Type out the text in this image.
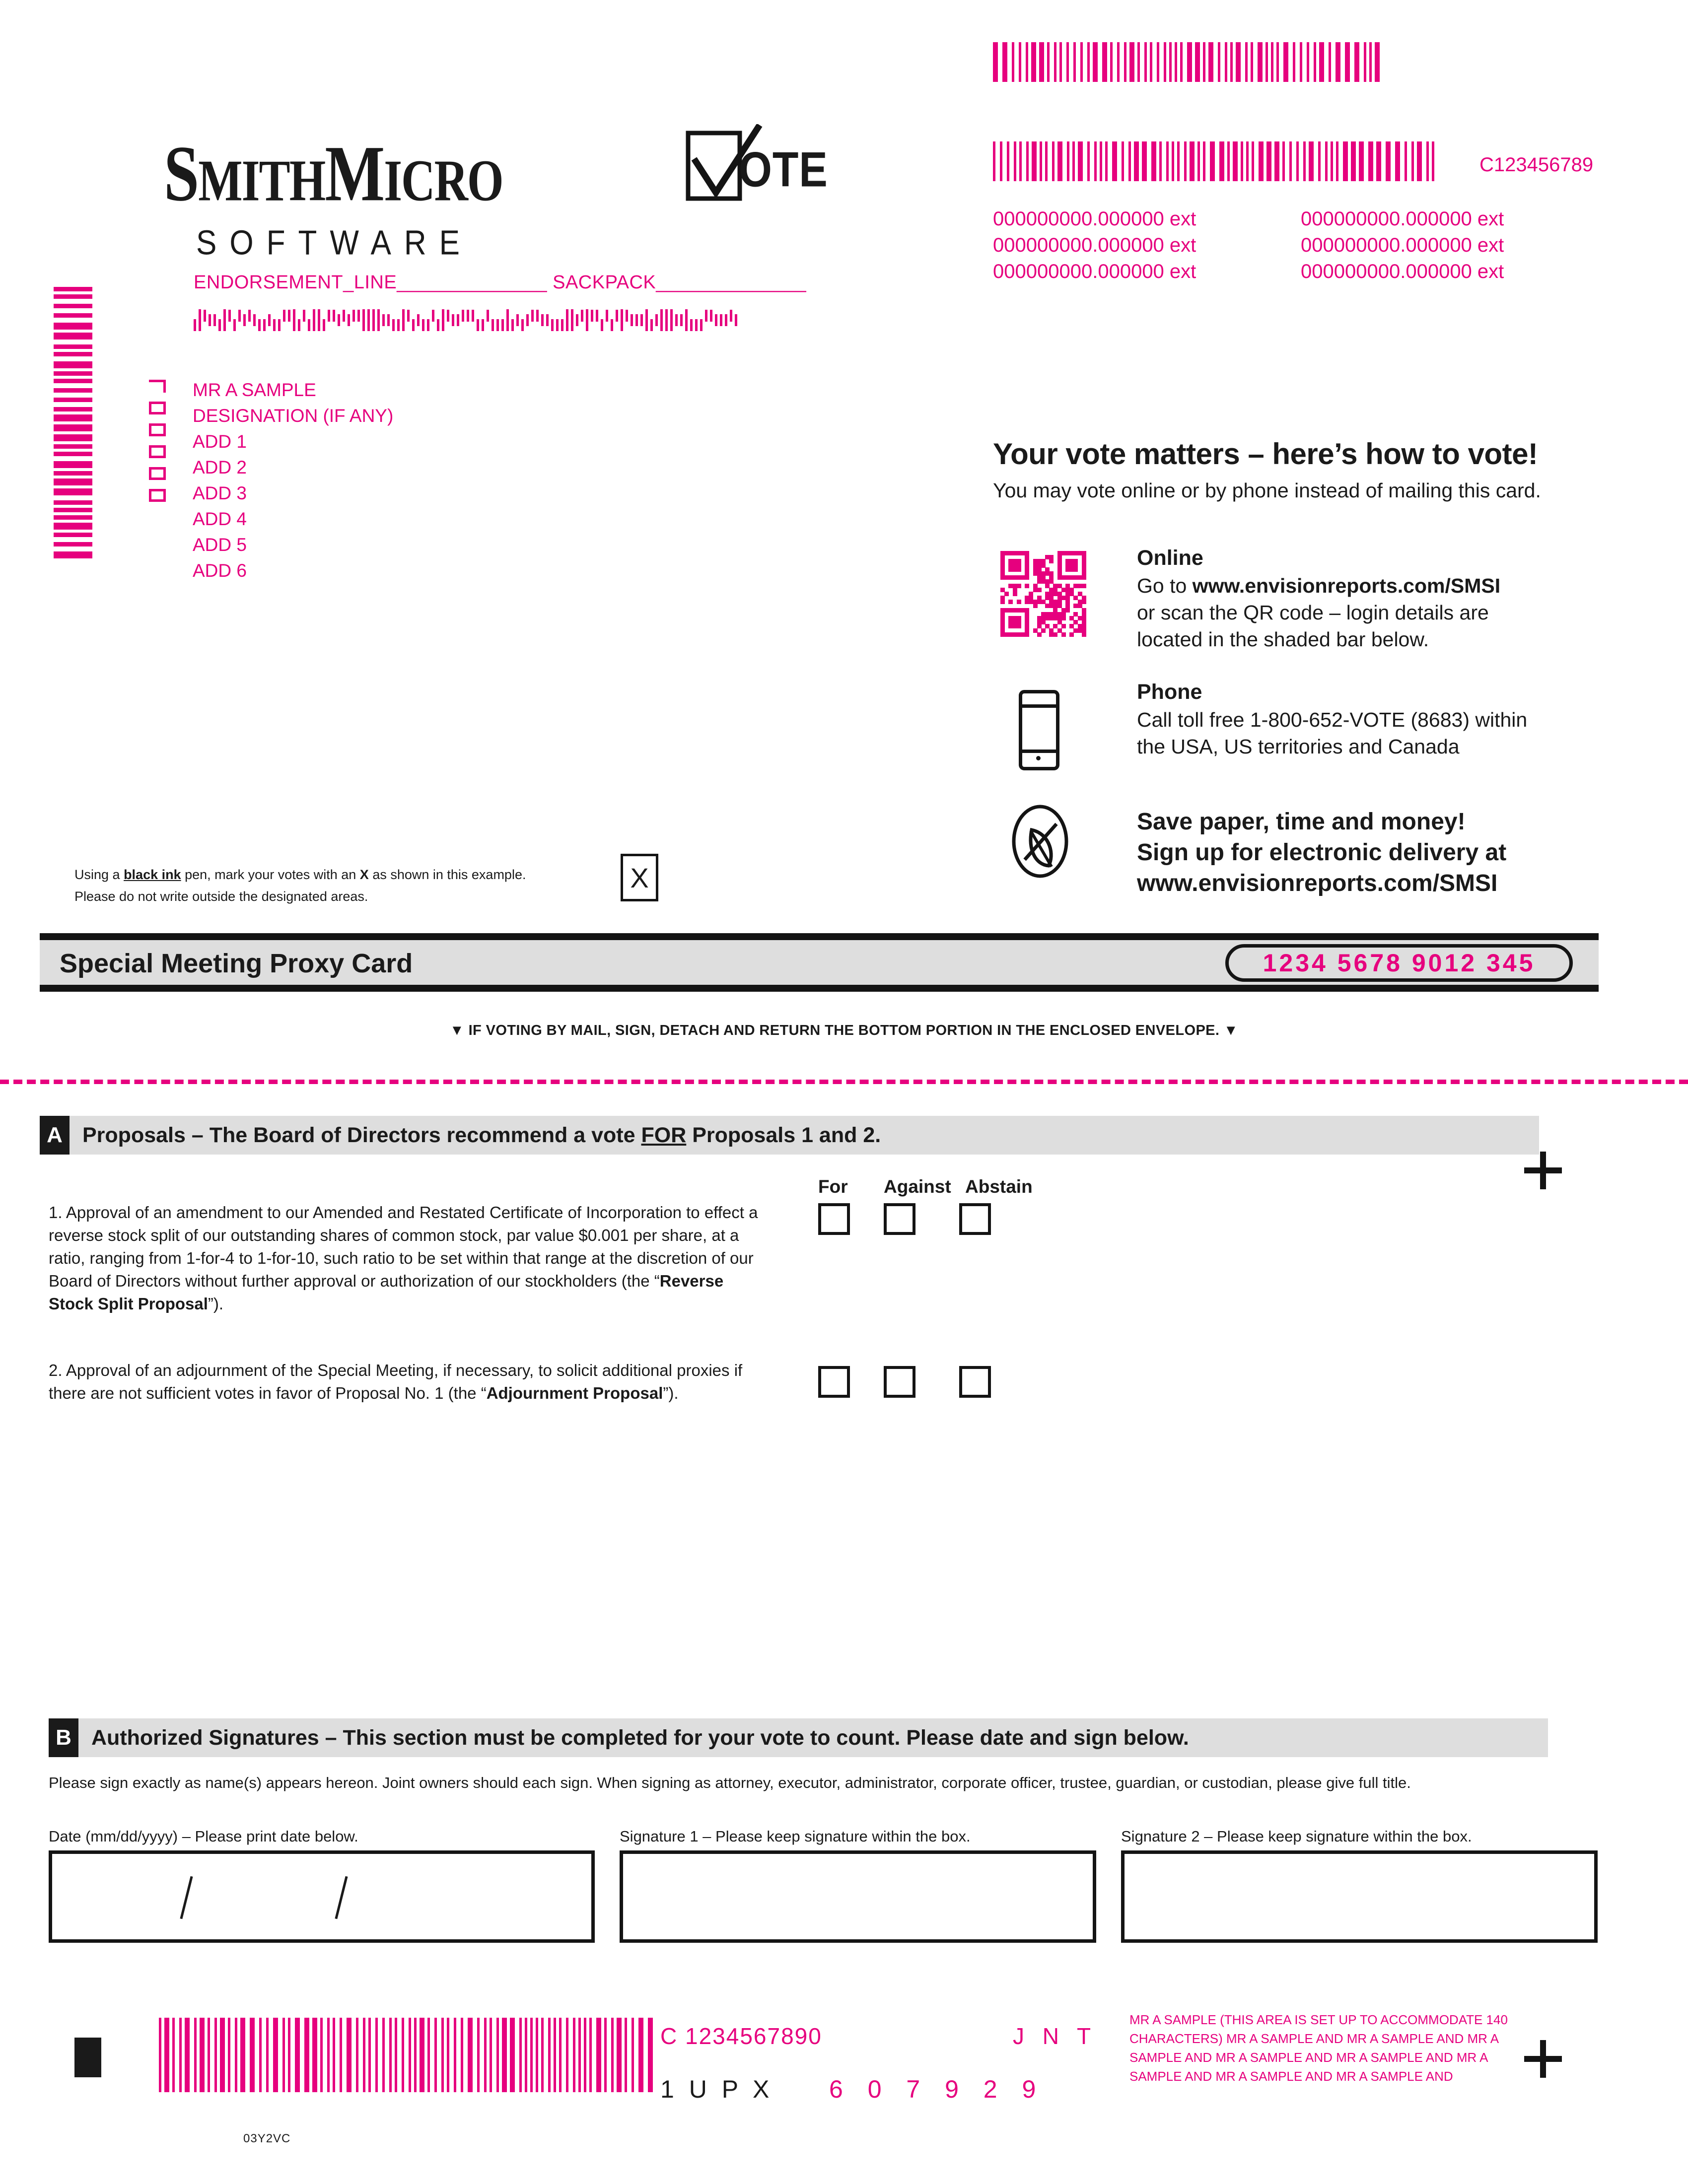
SMITHMICRO
SOFTWARE
OTE
ENDORSEMENT_LINE______________ SACKPACK______________
MR A SAMPLE
DESIGNATION (IF ANY)
ADD 1
ADD 2
ADD 3
ADD 4
ADD 5
ADD 6
C123456789
000000000.000000 ext	000000000.000000 ext
000000000.000000 ext	000000000.000000 ext
000000000.000000 ext	000000000.000000 ext
Your vote matters – here’s how to vote!
You may vote online or by phone instead of mailing this card.
Online
Go to www.envisionreports.com/SMSI
or scan the QR code – login details are
located in the shaded bar below.
Phone
Call toll free 1-800-652-VOTE (8683) within
the USA, US territories and Canada
Save paper, time and money!
Sign up for electronic delivery at
www.envisionreports.com/SMSI
Using a black ink pen, mark your votes with an X as shown in this example.
Please do not write outside the designated areas.
X
Special Meeting Proxy Card	1234 5678 9012 345
▼ IF VOTING BY MAIL, SIGN, DETACH AND RETURN THE BOTTOM PORTION IN THE ENCLOSED ENVELOPE. ▼
A Proposals – The Board of Directors recommend a vote FOR Proposals 1 and 2.
For Against Abstain
1. Approval of an amendment to our Amended and Restated Certificate of Incorporation to effect a reverse stock split of our outstanding shares of common stock, par value $0.001 per share, at a ratio, ranging from 1-for-4 to 1-for-10, such ratio to be set within that range at the discretion of our Board of Directors without further approval or authorization of our stockholders (the “Reverse Stock Split Proposal”).
2. Approval of an adjournment of the Special Meeting, if necessary, to solicit additional proxies if there are not sufficient votes in favor of Proposal No. 1 (the “Adjournment Proposal”).
B Authorized Signatures – This section must be completed for your vote to count. Please date and sign below.
Please sign exactly as name(s) appears hereon. Joint owners should each sign. When signing as attorney, executor, administrator, corporate officer, trustee, guardian, or custodian, please give full title.
Date (mm/dd/yyyy) – Please print date below.	Signature 1 – Please keep signature within the box.	Signature 2 – Please keep signature within the box.
C 1234567890	J N T
1 U P X 6 0 7 9 2 9
MR A SAMPLE (THIS AREA IS SET UP TO ACCOMMODATE 140 CHARACTERS) MR A SAMPLE AND MR A SAMPLE AND MR A SAMPLE AND MR A SAMPLE AND MR A SAMPLE AND MR A SAMPLE AND MR A SAMPLE AND MR A SAMPLE AND
03Y2VC
